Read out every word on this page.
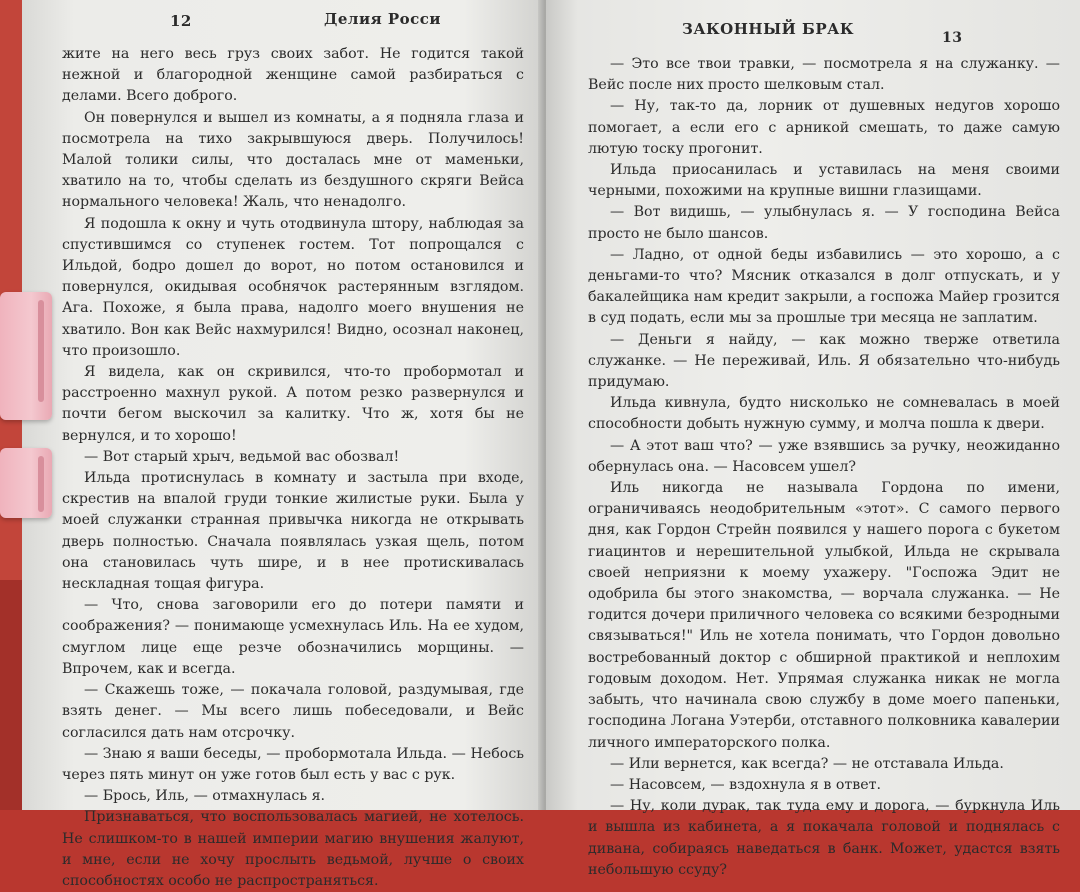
12	Делия Росси

жите на него весь груз своих забот. Не годится такой нежной и благородной женщине самой разбираться с делами. Всего доброго.

Он повернулся и вышел из комнаты, а я подняла глаза и посмотрела на тихо закрывшуюся дверь. Получилось! Малой толики силы, что досталась мне от маменьки, хватило на то, чтобы сделать из бездушного скряги Вейса нормального человека! Жаль, что ненадолго.

Я подошла к окну и чуть отодвинула штору, наблюдая за спустившимся со ступенек гостем. Тот попрощался с Ильдой, бодро дошел до ворот, но потом остановился и повернулся, окидывая особнячок растерянным взглядом. Ага. Похоже, я была права, надолго моего внушения не хватило. Вон как Вейс нахмурился! Видно, осознал наконец, что произошло.

Я видела, как он скривился, что-то пробормотал и расстроенно махнул рукой. А потом резко развернулся и почти бегом выскочил за калитку. Что ж, хотя бы не вернулся, и то хорошо!

— Вот старый хрыч, ведьмой вас обозвал!

Ильда протиснулась в комнату и застыла при входе, скрестив на впалой груди тонкие жилистые руки. Была у моей служанки странная привычка никогда не открывать дверь полностью. Сначала появлялась узкая щель, потом она становилась чуть шире, и в нее протискивалась нескладная тощая фигура.

— Что, снова заговорили его до потери памяти и соображения? — понимающе усмехнулась Иль. На ее худом, смуглом лице еще резче обозначились морщины. — Впрочем, как и всегда.

— Скажешь тоже, — покачала головой, раздумывая, где взять денег. — Мы всего лишь побеседовали, и Вейс согласился дать нам отсрочку.

— Знаю я ваши беседы, — пробормотала Ильда. — Небось через пять минут он уже готов был есть у вас с рук.

— Брось, Иль, — отмахнулась я.

Признаваться, что воспользовалась магией, не хотелось. Не слишком-то в нашей империи магию внушения жалуют, и мне, если не хочу прослыть ведьмой, лучше о своих способностях особо не распространяться.

ЗАКОННЫЙ БРАК	13

— Это все твои травки, — посмотрела я на служанку. — Вейс после них просто шелковым стал.

— Ну, так-то да, лорник от душевных недугов хорошо помогает, а если его с арникой смешать, то даже самую лютую тоску прогонит.

Ильда приосанилась и уставилась на меня своими черными, похожими на крупные вишни глазищами.

— Вот видишь, — улыбнулась я. — У господина Вейса просто не было шансов.

— Ладно, от одной беды избавились — это хорошо, а с деньгами-то что? Мясник отказался в долг отпускать, и у бакалейщика нам кредит закрыли, а госпожа Майер грозится в суд подать, если мы за прошлые три месяца не заплатим.

— Деньги я найду, — как можно тверже ответила служанке. — Не переживай, Иль. Я обязательно что-нибудь придумаю.

Ильда кивнула, будто нисколько не сомневалась в моей способности добыть нужную сумму, и молча пошла к двери.

— А этот ваш что? — уже взявшись за ручку, неожиданно обернулась она. — Насовсем ушел?

Иль никогда не называла Гордона по имени, ограничиваясь неодобрительным «этот». С самого первого дня, как Гордон Стрейн появился у нашего порога с букетом гиацинтов и нерешительной улыбкой, Ильда не скрывала своей неприязни к моему ухажеру. "Госпожа Эдит не одобрила бы этого знакомства, — ворчала служанка. — Не годится дочери приличного человека со всякими безродными связываться!" Иль не хотела понимать, что Гордон довольно востребованный доктор с обширной практикой и неплохим годовым доходом. Нет. Упрямая служанка никак не могла забыть, что начинала свою службу в доме моего папеньки, господина Логана Уэтерби, отставного полковника кавалерии личного императорского полка.

— Или вернется, как всегда? — не отставала Ильда.

— Насовсем, — вздохнула я в ответ.

— Ну, коли дурак, так туда ему и дорога, — буркнула Иль и вышла из кабинета, а я покачала головой и поднялась с дивана, собираясь наведаться в банк. Может, удастся взять небольшую ссуду?
